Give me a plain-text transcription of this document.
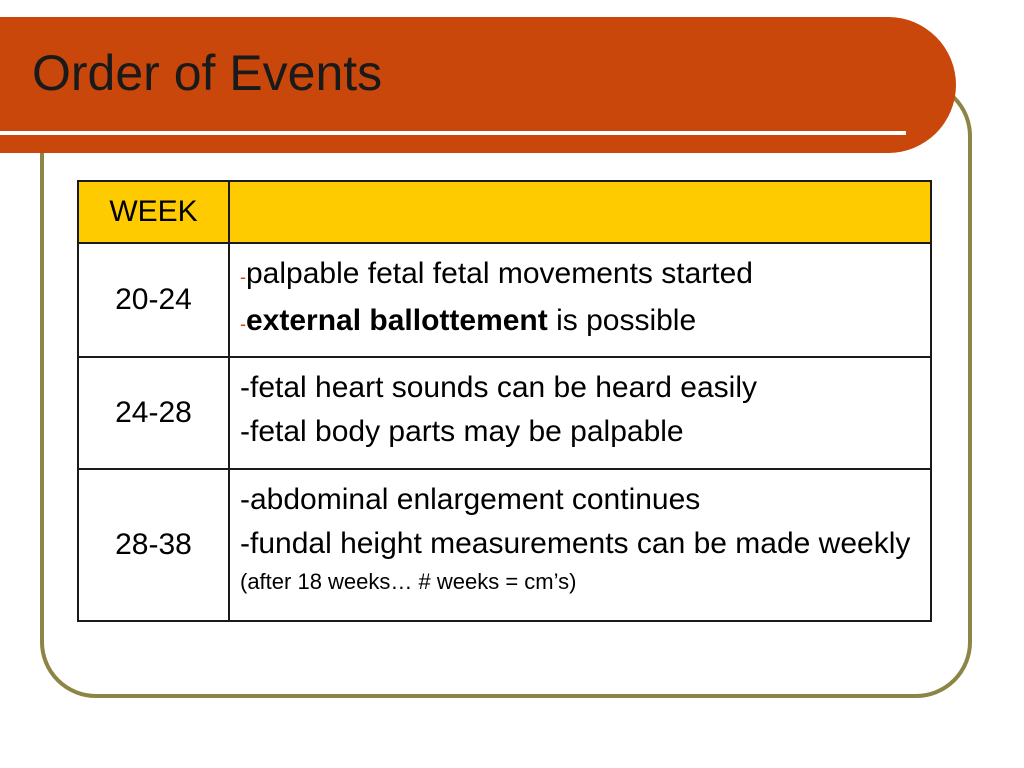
Order of Events
WEEK	
20-24	-palpable fetal fetal movements started
-external ballottement is possible

24-28	-fetal heart sounds can be heard easily
-fetal body parts may be palpable

28-38	-abdominal enlargement continues
-fundal height measurements can be made weekly (after 18 weeks… # weeks = cm’s)
